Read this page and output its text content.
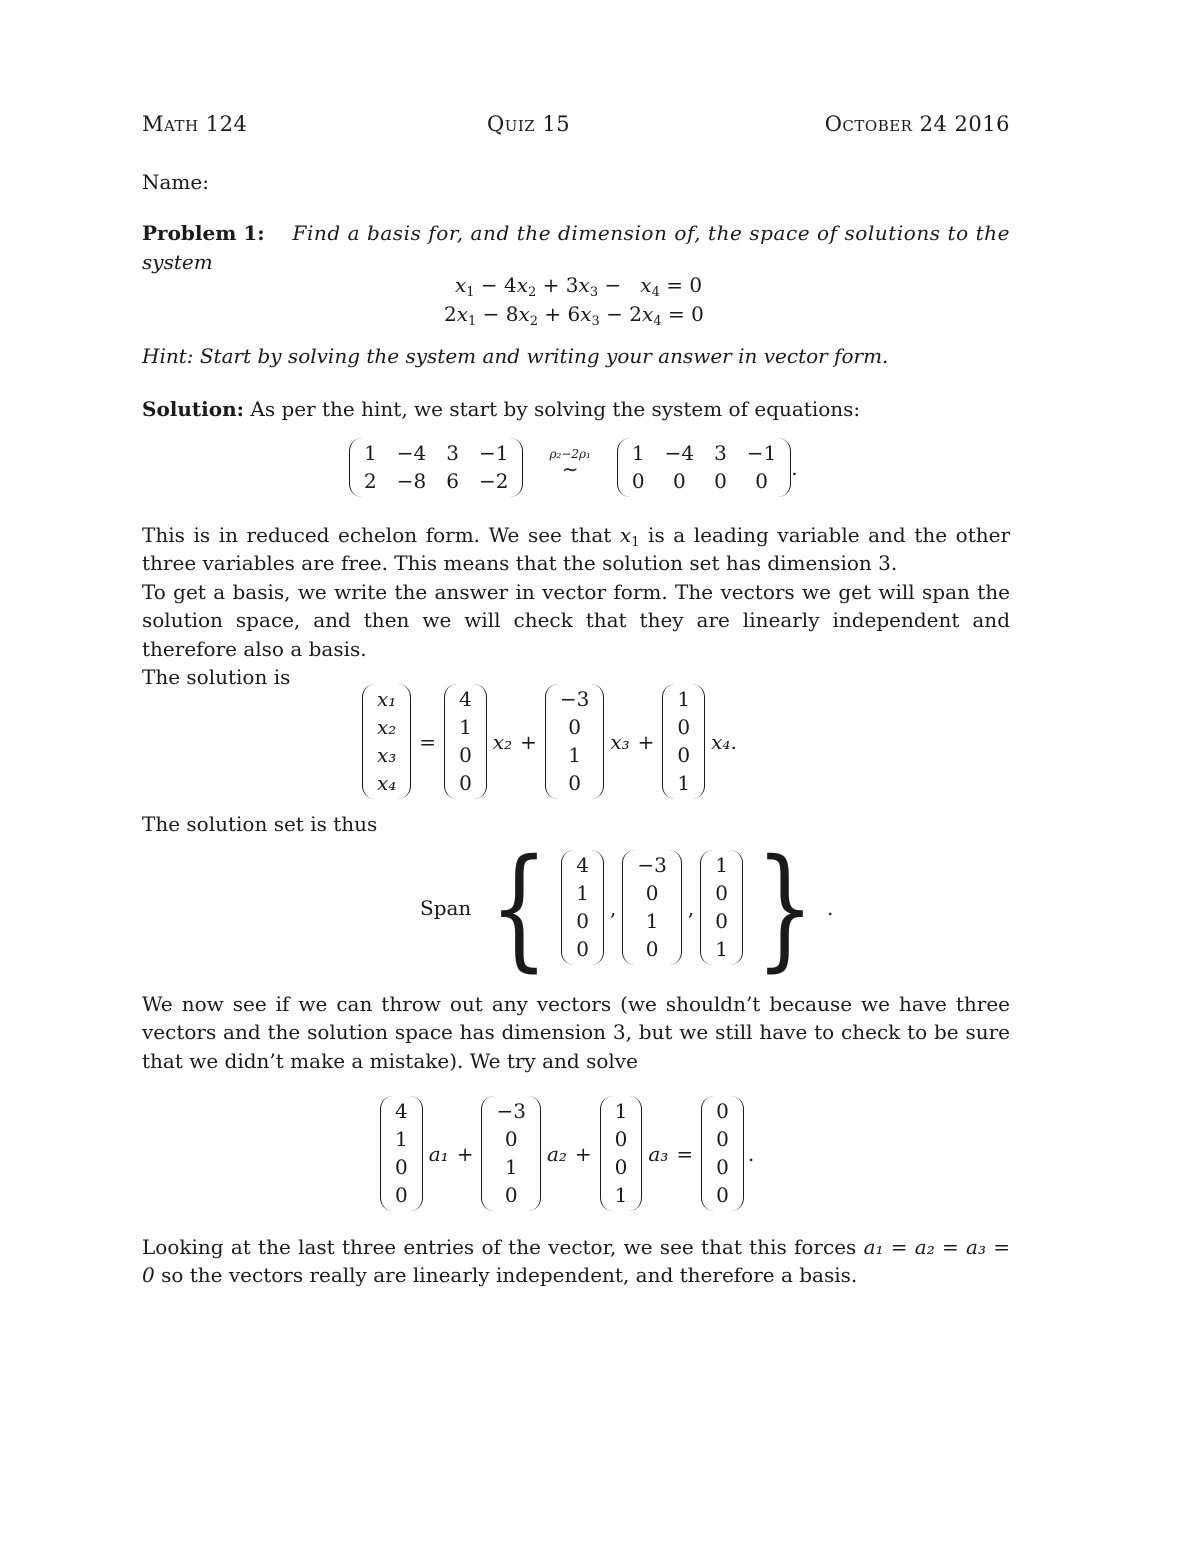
Math 124	Quiz 15	October 24 2016
Name:
Problem 1: Find a basis for, and the dimension of, the space of solutions to the
system
$x_1 - 4x_2 + 3x_3 - x_4 = 0$
$2x_1 - 8x_2 + 6x_3 - 2x_4 = 0$
Hint: Start by solving the system and writing your answer in vector form.
Solution: As per the hint, we start by solving the system of equations:
1 −4 3 −1
2 −8 6 −2
ρ₂−2ρ₁
∼
1 −4 3 −1
0	0	0	0
.
This is in reduced echelon form. We see that $x_1$ is a leading variable and the other three variables are free. This means that the solution set has dimension 3.
To get a basis, we write the answer in vector form. The vectors we get will span the solution space, and then we will check that they are linearly independent and therefore also a basis.
The solution is
x₁
x₂
x₃
x₄
=
4
1
0
0
x₂ +
−3
0
1
0
x₃ +
1
0
0
1
x₄ .
The solution set is thus
Span { 4
1
0
0
,
−3
0
1
0
,
1
0
0
1 } .
We now see if we can throw out any vectors (we shouldn’t because we have three vectors and the solution space has dimension 3, but we still have to check to be sure that we didn’t make a mistake). We try and solve
4
1
0
0
a₁ +
−3
0
1
0
a₂ +
1
0
0
1
a₃ =
0
0
0
0
.
Looking at the last three entries of the vector, we see that this forces a₁ = a₂ = a₃ = 0 so the vectors really are linearly independent, and therefore a basis.
